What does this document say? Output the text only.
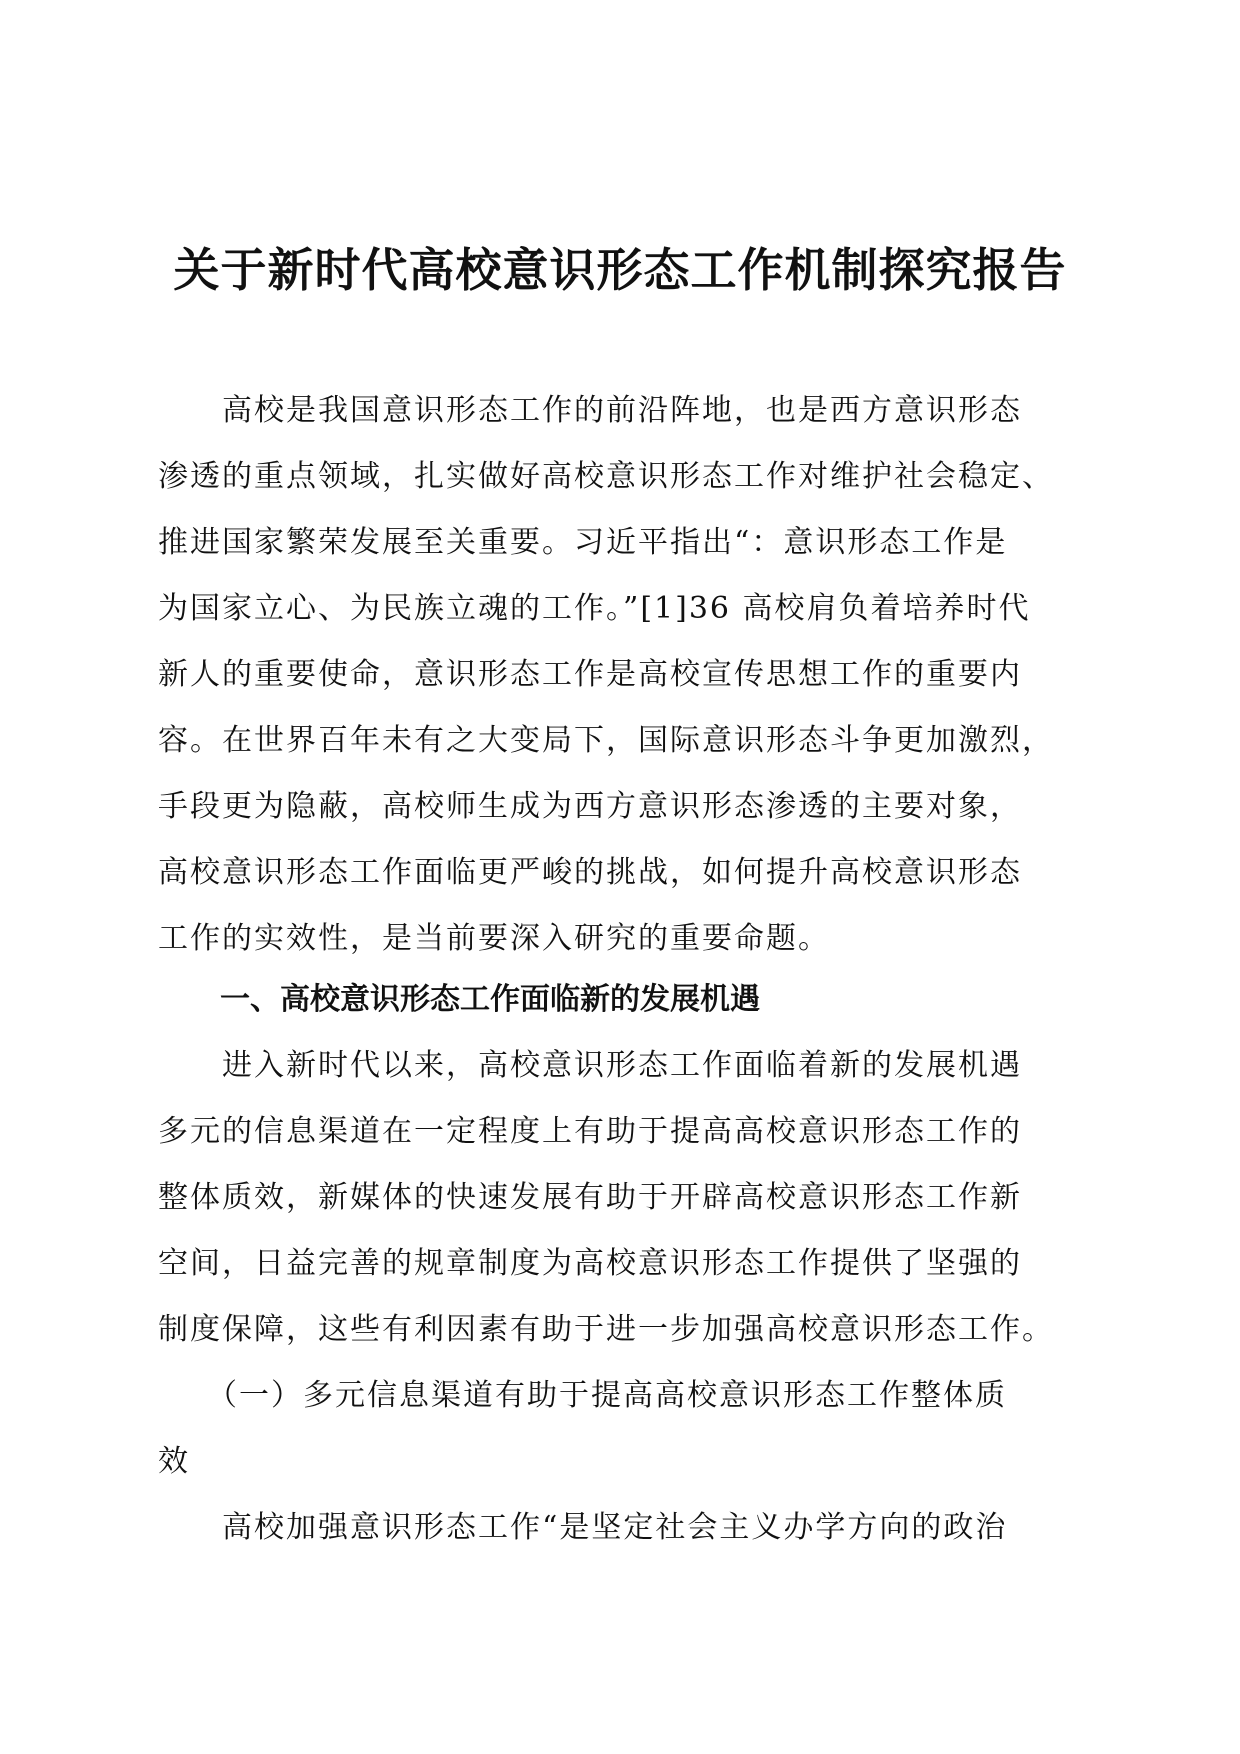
关于新时代高校意识形态工作机制探究报告
　　高校是我国意识形态工作的前沿阵地，也是西方意识形态
渗透的重点领域，扎实做好高校意识形态工作对维护社会稳定、
推进国家繁荣发展至关重要。习近平指出“：意识形态工作是
为国家立心、为民族立魂的工作。”[1]36 高校肩负着培养时代
新人的重要使命，意识形态工作是高校宣传思想工作的重要内
容。在世界百年未有之大变局下，国际意识形态斗争更加激烈，
手段更为隐蔽，高校师生成为西方意识形态渗透的主要对象，
高校意识形态工作面临更严峻的挑战，如何提升高校意识形态
工作的实效性，是当前要深入研究的重要命题。
一、高校意识形态工作面临新的发展机遇
　　进入新时代以来，高校意识形态工作面临着新的发展机遇
多元的信息渠道在一定程度上有助于提高高校意识形态工作的
整体质效，新媒体的快速发展有助于开辟高校意识形态工作新
空间，日益完善的规章制度为高校意识形态工作提供了坚强的
制度保障，这些有利因素有助于进一步加强高校意识形态工作。
　　（一）多元信息渠道有助于提高高校意识形态工作整体质
效
　　高校加强意识形态工作“是坚定社会主义办学方向的政治
